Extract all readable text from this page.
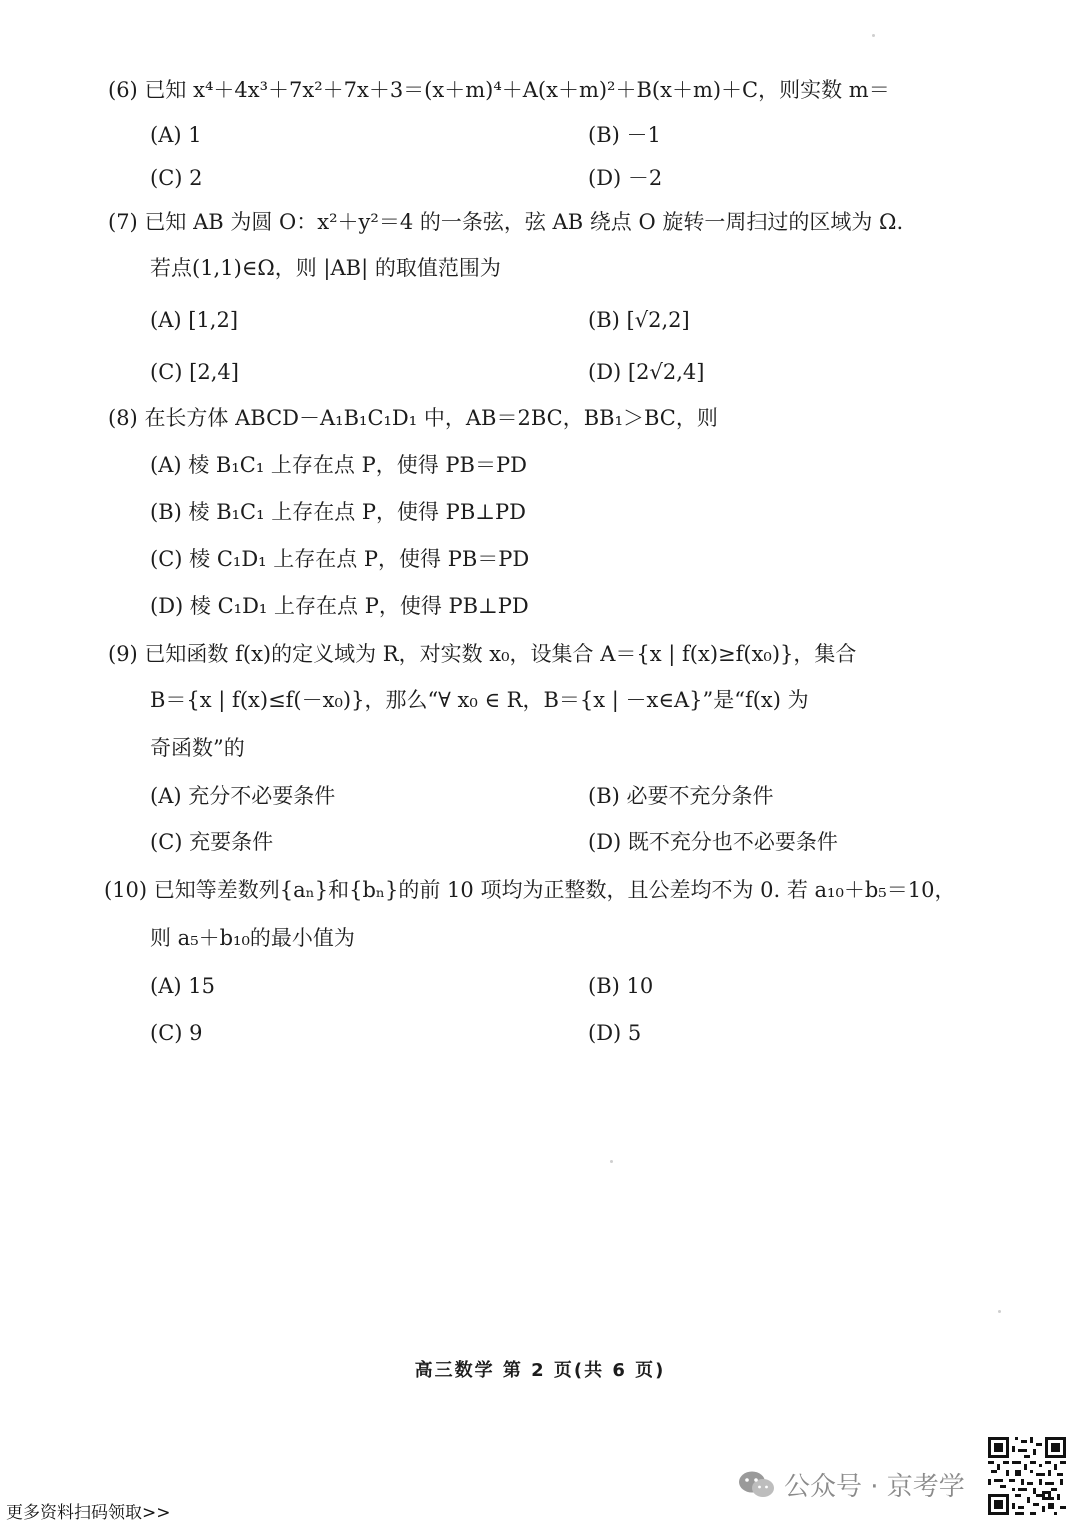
(6) 已知 x⁴＋4x³＋7x²＋7x＋3＝(x＋m)⁴＋A(x＋m)²＋B(x＋m)＋C，则实数 m＝
(A) 1	(B) －1
(C) 2	(D) －2
(7) 已知 AB 为圆 O：x²＋y²＝4 的一条弦，弦 AB 绕点 O 旋转一周扫过的区域为 Ω.
若点(1,1)∈Ω，则 |AB| 的取值范围为
(A) [1,2]	(B) [√2,2]
(C) [2,4]	(D) [2√2,4]
(8) 在长方体 ABCD－A₁B₁C₁D₁ 中，AB＝2BC，BB₁＞BC，则
(A) 棱 B₁C₁ 上存在点 P，使得 PB＝PD
(B) 棱 B₁C₁ 上存在点 P，使得 PB⊥PD
(C) 棱 C₁D₁ 上存在点 P，使得 PB＝PD
(D) 棱 C₁D₁ 上存在点 P，使得 PB⊥PD
(9) 已知函数 f(x)的定义域为 R，对实数 x₀，设集合 A＝{x | f(x)≥f(x₀)}，集合
B＝{x | f(x)≤f(－x₀)}，那么“∀ x₀ ∈ R，B＝{x | －x∈A}”是“f(x) 为
奇函数”的
(A) 充分不必要条件	(B) 必要不充分条件
(C) 充要条件	(D) 既不充分也不必要条件
(10) 已知等差数列{aₙ}和{bₙ}的前 10 项均为正整数，且公差均不为 0. 若 a₁₀＋b₅＝10，
则 a₅＋b₁₀的最小值为
(A) 15	(B) 10
(C) 9	(D) 5
高三数学 第 2 页(共 6 页)
更多资料扫码领取>>
公众号 · 京考学
